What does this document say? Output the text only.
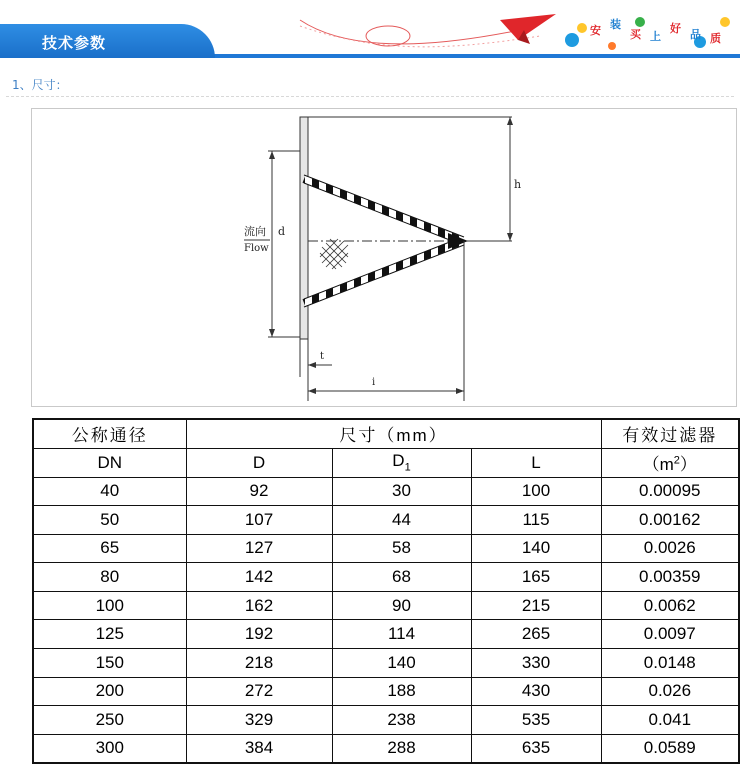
技术参数
安 装
买 上
好 品 质
1、尺寸：
h
d
流向
Flow
t
i
公称通径	尺寸（mm）			有效过滤器
DN	D	$D_1$	L	$(m^2)$
40	92	30	100	0.00095
50	107	44	115	0.00162
65	127	58	140	0.0026
80	142	68	165	0.00359
100	162	90	215	0.0062
125	192	114	265	0.0097
150	218	140	330	0.0148
200	272	188	430	0.026
250	329	238	535	0.041
300	384	288	635	0.0589
